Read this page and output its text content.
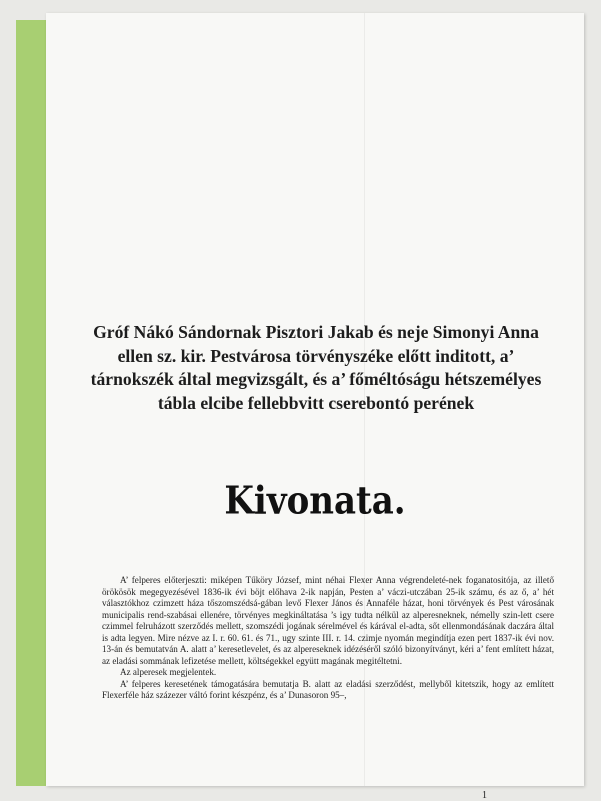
Gróf Nákó Sándornak Pisztori Jakab és neje Simonyi Anna ellen sz. kir. Pestvárosa törvényszéke előtt inditott, a’ tárnokszék által megvizsgált, és a’ főméltóságu hétszemélyes tábla elcibe fellebbvitt cserebontó perének
Kivonata.

A’ felperes előterjeszti: miképen Tűköry József, mint néhai Flexer Anna végrendeleté-nek foganatositója, az illető örökösök megegyezésével 1836-ik évi böjt előhava 2-ik napján, Pesten a’ váczi-utczában 25-ik számu, és az ő, a’ hét választókhoz czimzett háza tőszomszédsá-gában levő Flexer János és Annaféle házat, honi törvények és Pest városának municipalis rend-szabásai ellenére, törvényes megkináltatása ’s igy tudta nélkül az alperesneknek, némelly szin-lett csere czimmel felruházott szerződés mellett, szomszédi jogának sérelmével és kárával el-adta, sőt ellenmondásának daczára által is adta legyen. Mire nézve az I. r. 60. 61. és 71., ugy szinte III. r. 14. czimje nyomán megindítja ezen pert 1837-ik évi nov. 13-án és bemutatván A. alatt a’ keresetlevelet, és az alpereseknek idézéséről szóló bizonyítványt, kéri a’ fent említett házat, az eladási sommának lefizetése mellett, költségekkel együtt magának megitéltetni.

Az alperesek megjelentek.

A’ felperes keresetének támogatására bemutatja B. alatt az eladási szerződést, mellyből kitetszik, hogy az említett Flexerféle ház százezer váltó forint készpénz, és a’ Dunasoron 95–,

1
